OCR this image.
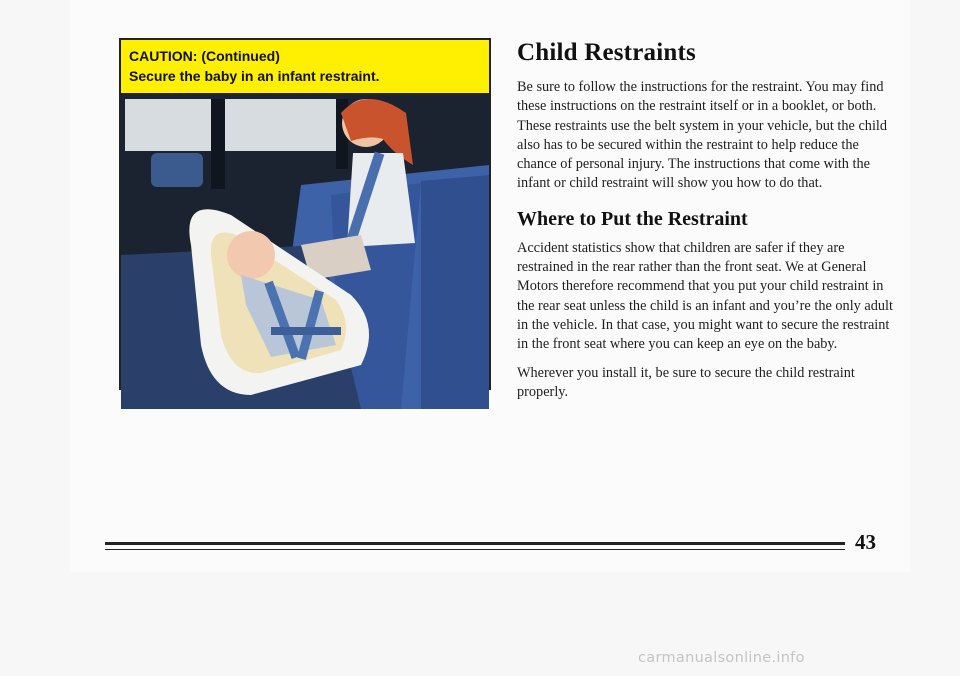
CAUTION: (Continued)
Secure the baby in an infant restraint.
Child Restraints

Be sure to follow the instructions for the restraint. You may find these instructions on the restraint itself or in a booklet, or both. These restraints use the belt system in your vehicle, but the child also has to be secured within the restraint to help reduce the chance of personal injury. The instructions that come with the infant or child restraint will show you how to do that.

Where to Put the Restraint

Accident statistics show that children are safer if they are restrained in the rear rather than the front seat. We at General Motors therefore recommend that you put your child restraint in the rear seat unless the child is an infant and you’re the only adult in the vehicle. In that case, you might want to secure the restraint in the front seat where you can keep an eye on the baby.

Wherever you install it, be sure to secure the child restraint properly.

43
carmanualsonline.info
